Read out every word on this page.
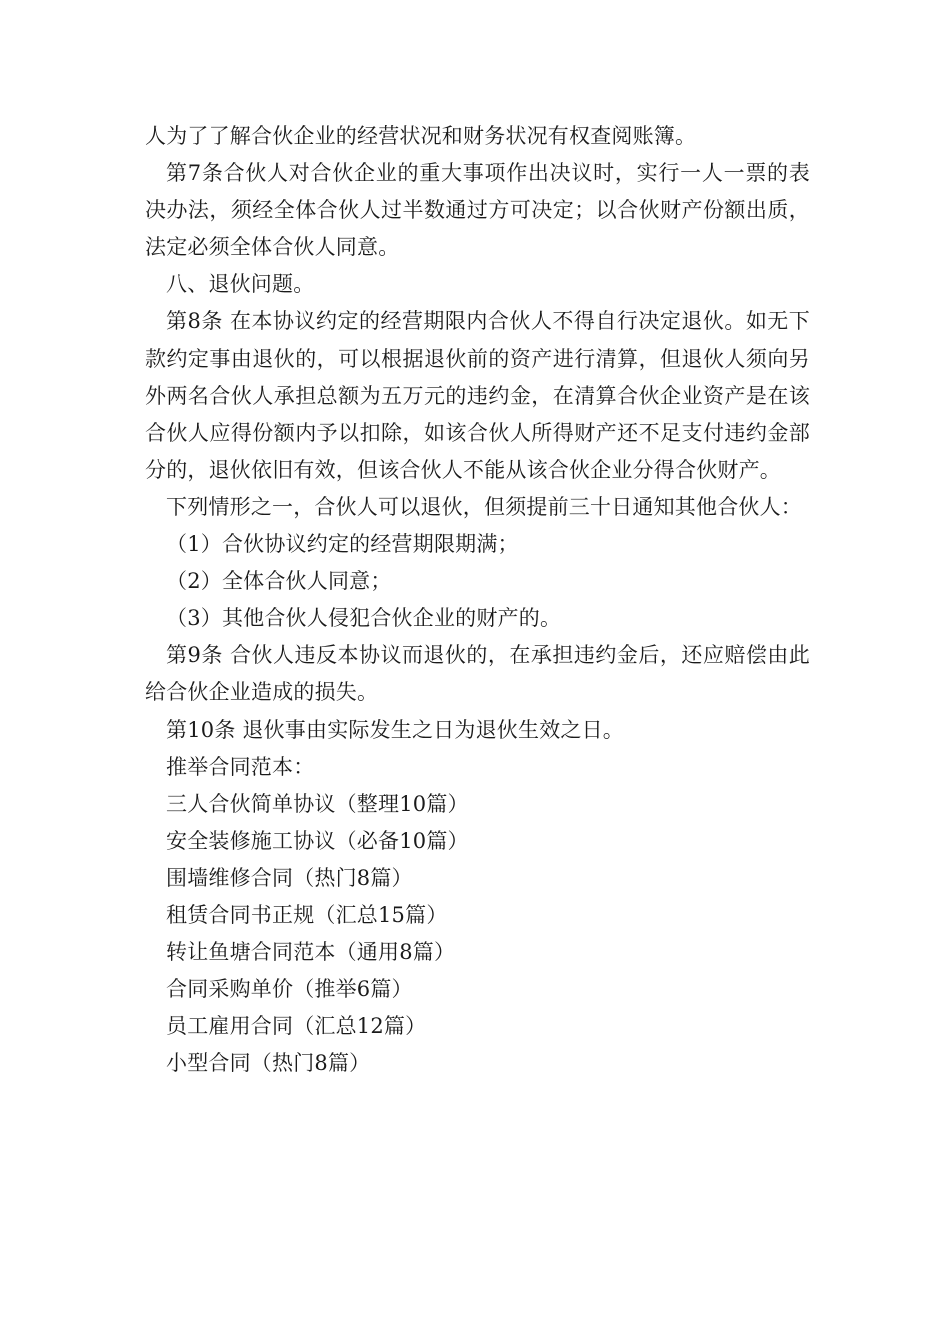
人为了了解合伙企业的经营状况和财务状况有权查阅账簿。

第7条合伙人对合伙企业的重大事项作出决议时，实行一人一票的表决办法，须经全体合伙人过半数通过方可决定；以合伙财产份额出质，法定必须全体合伙人同意。

八、退伙问题。

第8条 在本协议约定的经营期限内合伙人不得自行决定退伙。如无下款约定事由退伙的，可以根据退伙前的资产进行清算，但退伙人须向另外两名合伙人承担总额为五万元的违约金，在清算合伙企业资产是在该合伙人应得份额内予以扣除，如该合伙人所得财产还不足支付违约金部分的，退伙依旧有效，但该合伙人不能从该合伙企业分得合伙财产。

下列情形之一，合伙人可以退伙，但须提前三十日通知其他合伙人：

（1）合伙协议约定的经营期限期满；

（2）全体合伙人同意；

（3）其他合伙人侵犯合伙企业的财产的。

第9条 合伙人违反本协议而退伙的，在承担违约金后，还应赔偿由此给合伙企业造成的损失。

第10条 退伙事由实际发生之日为退伙生效之日。

推举合同范本：

三人合伙简单协议（整理10篇）

安全装修施工协议（必备10篇）

围墙维修合同（热门8篇）

租赁合同书正规（汇总15篇）

转让鱼塘合同范本（通用8篇）

合同采购单价（推举6篇）

员工雇用合同（汇总12篇）

小型合同（热门8篇）
